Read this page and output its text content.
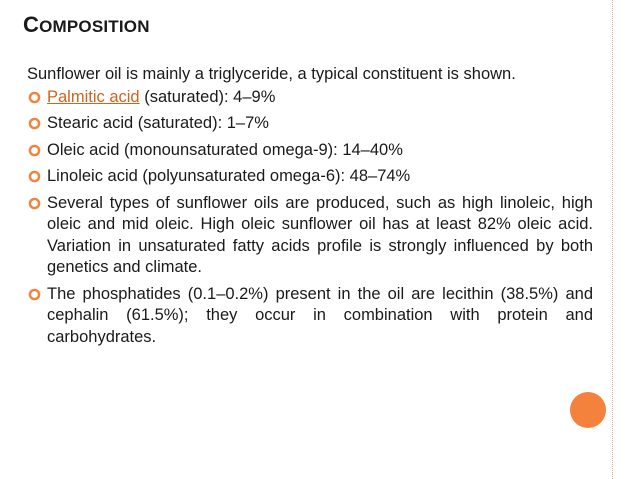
COMPOSITION

Sunflower oil is mainly a triglyceride, a typical constituent is shown.

Palmitic acid (saturated): 4–9%
Stearic acid (saturated): 1–7%
Oleic acid (monounsaturated omega-9): 14–40%
Linoleic acid (polyunsaturated omega-6): 48–74%
Several types of sunflower oils are produced, such as high linoleic, high oleic and mid oleic. High oleic sunflower oil has at least 82% oleic acid. Variation in unsaturated fatty acids profile is strongly influenced by both genetics and climate.
The phosphatides (0.1–0.2%) present in the oil are lecithin (38.5%) and cephalin (61.5%); they occur in combination with protein and carbohydrates.
